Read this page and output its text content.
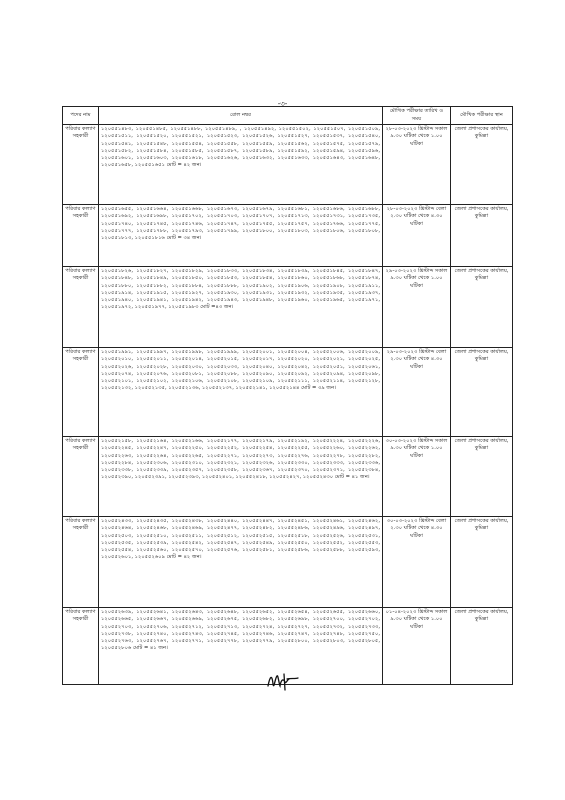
-৩-
পদের নাম	রোল নম্বর	মৌখিক পরীক্ষার তারিখ ও সময়	মৌখিক পরীক্ষার স্থান
পরিবার কল্যাণ সহকারী	১২০৫৫১৪৮৩, ১২০৫৫১৪৮৫, ১২০৫৫১৪৮৮, ১২০৫৫১৪৮৯, , ১২০৫৫১৪৯২, ১২০৫৫১৫০২, ১২০৫৫১৫০৭, ১২০৫৫১৫০৯, ১২০৫৫১৫১১, ১২০৫৫১৫২০, ১২০৫৫১৫২১, ১২০৫৫১৫২৩, ১২০৫৫১৫২৬, ১২০৫৫১৫২৭, ১২০৫৫১৫৩৭, ১২০৫৫১৫৪০, ১২০৫৫১৫৪১, ১২০৫৫১৫৪৮, ১২০৫৫১৫৫৪, ১২০৫৫১৫৫৮, ১২০৫৫১৫৫৯, ১২০৫৫১৫৬২, ১২০৫৫১৫৭৫, ১২০৫৫১৫৭৯, ১২০৫৫১৫৮২, ১২০৫৫১৫৮৪, ১২০৫৫১৫৮৫, ১২০৫৫১৫৮৭, ১২০৫৫১৫৮৯, ১২০৫৫১৫৯২, ১২০৫৫১৫৯৪, ১২০৫৫১৫৯৬, ১২০৫৫১৬০১, ১২০৫৫১৬০৩, ১২০৫৫১৬১৮, ১২০৫৫১৬২৬, ১২০৫৫১৬৩২, ১২০৫৫১৬৩৩, ১২০৫৫১৬৪৩, ১২০৫৫১৬৪৮, ১২০৫৫১৬৫৮, ১২০৫৫১৬৫১ মোট = ৪২ জন।	২৮-০৩-২০২৩ খ্রিস্টাব্দ সকাল ৯.৩০ ঘটিকা থেকে ১.০০ ঘটিকা	জেলা প্রশাসকের কার্যালয়, কুমিল্লা
পরিবার কল্যাণ সহকারী	১২০৫৫১৬৫৫, ১২০৫৫১৬৬৪, ১২০৫৫১৬৬৮, ১২০৫৫১৬৭৩, ১২০৫৫১৬৭৯, ১২০৫৫১৬৮১, ১২০৫৫১৬৮৬, ১২০৫৫১৬৮৮, ১২০৫৫১৬৯২, ১২০৫৫১৬৯৮, ১২০৫৫১৭০২, ১২০৫৫১৭০৩, ১২০৫৫১৭০৭, ১২০৫৫১৭১৩, ১২০৫৫১৭৩১, ১২০৫৫১৭৩৫, ১২০৫৫১৭৪০, ১২০৫৫১৭৪৫, ১২০৫৫১৭৪৬, ১২০৫৫১৭৪৭, ১২০৫৫১৭৫৫, ১২০৫৫১৭৫৭, ১২০৫৫১৭৬৬, ১২০৫৫১৭৭৫, ১২০৫৫১৭৭৭, ১২০৫৫১৭৮৮, ১২০৫৫১৭৯৩, ১২০৫৫১৭৯৯, ১২০৫৫১৮০০, ১২০৫৫১৮০৩, ১২০৫৫১৮০৬, ১২০৫৫১৮০৮, ১২০৫৫১৮১৩, ১২০৫৫১৮১৬ মোট = ৩৪ জন।	২৮-০৩-২০২৩ খ্রিস্টাব্দ বেলা ২.৩০ ঘটিকা থেকে ৪.৩০ ঘটিকা	জেলা প্রশাসকের কার্যালয়, কুমিল্লা
পরিবার কল্যাণ সহকারী	১২০৫৫১৮২৬, ১২০৫৫১৮২৭, ১২০৫৫১৮২৯, ১২০৫৫১৮৩৩, ১২০৫৫১৮৩৪, ১২০৫৫১৮৩৯, ১২০৫৫১৮৪৫, ১২০৫৫১৮৪৭, ১২০৫৫১৮৪৮, ১২০৫৫১৮৪৯, ১২০৫৫১৮৫০, ১২০৫৫১৮৫৩, ১২০৫৫১৮৫৪, ১২০৫৫১৮৬০, ১২০৫৫১৮৬৮, ১২০৫৫১৮৭৪, ১২০৫৫১৮৮০, ১২০৫৫১৮৮২, ১২০৫৫১৮৮৪, ১২০৫৫১৮৮৮, ১২০৫৫১৯০২, ১২০৫৫১৯০৬, ১২০৫৫১৯০৮, ১২০৫৫১৯১১, ১২০৫৫১৯১৪, ১২০৫৫১৯১৫, ১২০৫৫১৯২৭, ১২০৫৫১৯৩০, ১২০৫৫১৯৩১, ১২০৫৫১৯৩২, ১২০৫৫১৯৩৫, ১২০৫৫১৯৩৭, ১২০৫৫১৯৪০, ১২০৫৫১৯৪১, ১২০৫৫১৯৪২, ১২০৫৫১৯৪৩, ১২০৫৫১৯৪৮, ১২০৫৫১৯৬০, ১২০৫৫১৯৬৫, ১২০৫৫১৯৭১, ১২০৫৫১৯৭২, ১২০৫৫১৯৭৭, ১২০৫৫১৯৮৩ মোট =৪৩ জন।	২৯-০৩-২০২৩ খ্রিস্টাব্দ সকাল ৯.৩০ ঘটিকা থেকে ১.০০ ঘটিকা	জেলা প্রশাসকের কার্যালয়, কুমিল্লা
পরিবার কল্যাণ সহকারী	১২০৫৫১৯৯১, ১২০৫৫১৯৯৭, ১২০৫৫১৯৯৮, ১২০৫৫১৯৯৯, ১২০৫৫২০০১, ১২০৫৫২০০৪, ১২০৫৫২০০৬, ১২০৫৫২০০৯, ১২০৫৫২০১০, ১২০৫৫২০১১, ১২০৫৫২০১৪, ১২০৫৫২০১৫, ১২০৫৫২০১৭, ১২০৫৫২০২০, ১২০৫৫২০২১, ১২০৫৫২০২৫, ১২০৫৫২০২৬, ১২০৫৫২০২৮, ১২০৫৫২০৩০, ১২০৫৫২০৩৩, ১২০৫৫২০৪০, ১২০৫৫২০৪২, ১২০৫৫২০৫১, ১২০৫৫২০৬১, ১২০৫৫২০৭৪, ১২০৫৫২০৭৬, ১২০৫৫২০৮১, ১২০৫৫২০৮৮, ১২০৫৫২০৯০, ১২০৫৫২০৯২, ১২০৫৫২০৯৪, ১২০৫৫২০৯৮, ১২০৫৫২১০১, ১২০৫৫২১০২, ১২০৫৫২১০৬, ১২০৫৫২১০৮, ১২০৫৫২১০৯, ১২০৫৫২১১১, ১২০৫৫২১১৪, ১২০৫৫২১২৮, ১২০৫৫২১৩২, ১২০৫৫২১৩৫, ১২০৫৫২১৩৬, ১২০৫৫২১৩৭, ১২০৫৫২১৪১, ১২০৫৫২১৪৪ মোট = ৩৯ জন।	২৯-০৩-২০২৩ খ্রিস্টাব্দ বেলা ২.৩০ ঘটিকা থেকে ৪.৩০ ঘটিকা	জেলা প্রশাসকের কার্যালয়, কুমিল্লা
পরিবার কল্যাণ সহকারী	১২০৫৫২১৫৮, ১২০৫৫২১৬৪, ১২০৫৫২১৬৬, ১২০৫৫২১৭৭, ১২০৫৫২১৭৯, ১২০৫৫২১৯২, ১২০৫৫২২২৪, ১২০৫৫২২২৬, ১২০৫৫২২৪৫, ১২০৫৫২২৪৭, ১২০৫৫২২৫০, ১২০৫৫২২৫২, ১২০৫৫২২৫৪, ১২০৫৫২২৫৫, ১২০৫৫২২৬০, ১২০৫৫২২৬২, ১২০৫৫২২৬৩, ১২০৫৫২২৬৪, ১২০৫৫২২৬৫, ১২০৫৫২২৭১, ১২০৫৫২২৭৩, ১২০৫৫২২৭৬, ১২০৫৫২২৭৮, ১২০৫৫২২৮২, ১২০৫৫২২৮৪, ১২০৫৫২৩০৬, ১২০৫৫২৩১০, ১২০৫৫২৩২১, ১২০৫৫২৩২৬, ১২০৫৫২৩৩০, ১২০৫৫২৩৩৩, ১২০৫৫২৩৩৬, ১২০৫৫২৩৩৮, ১২০৫৫২৩৩৯, ১২০৫৫২৩৫৭, ১২০৫৫২৩৫৮, ১২০৫৫২৩৬৭, ১২০৫৫২৩৭০, ১২০৫৫২৩৭১, ১২০৫৫২৩৮৪, ১২০৫৫২৩৯০, ১২০৫৫২৩৯১, ১২০৫৫২৩৯৩, ১২০৫৫২৪০১, ১২০৫৫২৪১৮, ১২০৫৫২৪২৭, ১২০৫৫২৪৩০ মোট = ৪১ জন।	৩০-০৩-২০২৩ খ্রিস্টাব্দ সকাল ৯.৩০ ঘটিকা থেকে ১.০০ ঘটিকা	জেলা প্রশাসকের কার্যালয়, কুমিল্লা
পরিবার কল্যাণ সহকারী	১২০৫৫২৪৩৩, ১২০৫৫২৪৩৫, ১২০৫৫২৪৩৮, ১২০৫৫২৪৪০, ১২০৫৫২৪৪৭, ১২০৫৫২৪৫১, ১২০৫৫২৪৬১, ১২০৫৫২৪৬২, ১২০৫৫২৪৬৪, ১২০৫৫২৪৬৮, ১২০৫৫২৪৬৯, ১২০৫৫২৪৭৭, ১২০৫৫২৪৮২, ১২০৫৫২৪৮৬, ১২০৫৫২৪৯৬, ১২০৫৫২৪৯৭, ১২০৫৫২৫০৩, ১২০৫৫২৫১০, ১২০৫৫২৫১১, ১২০৫৫২৫১২, ১২০৫৫২৫১৫, ১২০৫৫২৫১৮, ১২০৫৫২৫২৬, ১২০৫৫২৫৩১, ১২০৫৫২৫৩৫, ১২০৫৫২৫৩৯, ১২০৫৫২৫৪২, ১২০৫৫২৫৪৭, ১২০৫৫২৫৪৯, ১২০৫৫২৫৫০, ১২০৫৫২৫৫২, ১২০৫৫২৫৫৩, ১২০৫৫২৫৫৪, ১২০৫৫২৫৬০, ১২০৫৫২৫৭০, ১২০৫৫২৫৭৬, ১২০৫৫২৫৮১, ১২০৫৫২৫৮৬, ১২০৫৫২৫৮৮, ১২০৫৫২৫৯৩, ১২০৫৫২৬০১, ১২০৫৫২৬০৯ মোট = ৪২ জন।	৩০-০৩-২০২৩ খ্রিস্টাব্দ বেলা ২.৩০ ঘটিকা থেকে ৪.৩০ ঘটিকা	জেলা প্রশাসকের কার্যালয়, কুমিল্লা
পরিবার কল্যাণ সহকারী	১২০৫৫২৬৩৯, ১২০৫৫২৬৪১, ১২০৫৫২৬৪৩, ১২০৫৫২৬৪৮, ১২০৫৫২৬৫২, ১২০৫৫২৬৫৪, ১২০৫৫২৬৫৫, ১২০৫৫২৬৬০, ১২০৫৫২৬৬৫, ১২০৫৫২৬৬৭, ১২০৫৫২৬৬৯, ১২০৫৫২৬৭৫, ১২০৫৫২৬৮২, ১২০৫৫২৬৯৮, ১২০৫৫২৭০০, ১২০৫৫২৭০২, ১২০৫৫২৭০৩, ১২০৫৫২৭০৬, ১২০৫৫২৭১২, ১২০৫৫২৭১৩, ১২০৫৫২৭২৪, ১২০৫৫২৭২৭, ১২০৫৫২৭৩২, ১২০৫৫২৭৩৩, ১২০৫৫২৭৩৮, ১২০৫৫২৭৪০, ১২০৫৫২৭৪৩, ১২০৫৫২৭৪৫, ১২০৫৫২৭৪৬, ১২০৫৫২৭৪৭, ১২০৫৫২৭৪৮, ১২০৫৫২৭৫০, ১২০৫৫২৭৬৩, ১২০৫৫২৭৬৭, ১২০৫৫২৭৭১, ১২০৫৫২৭৭৮, ১২০৫৫২৭৭৯, ১২০৫৫২৮০০, ১২০৫৫২৮০৩, ১২০৫৫২৮০৫, ১২০৫৫২৮০৬ মোট = ৪১ জন।	০১-০৪-২০২৩ খ্রিস্টাব্দ সকাল ৯.৩০ ঘটিকা থেকে ১.০০ ঘটিকা	জেলা প্রশাসকের কার্যালয়, কুমিল্লা
